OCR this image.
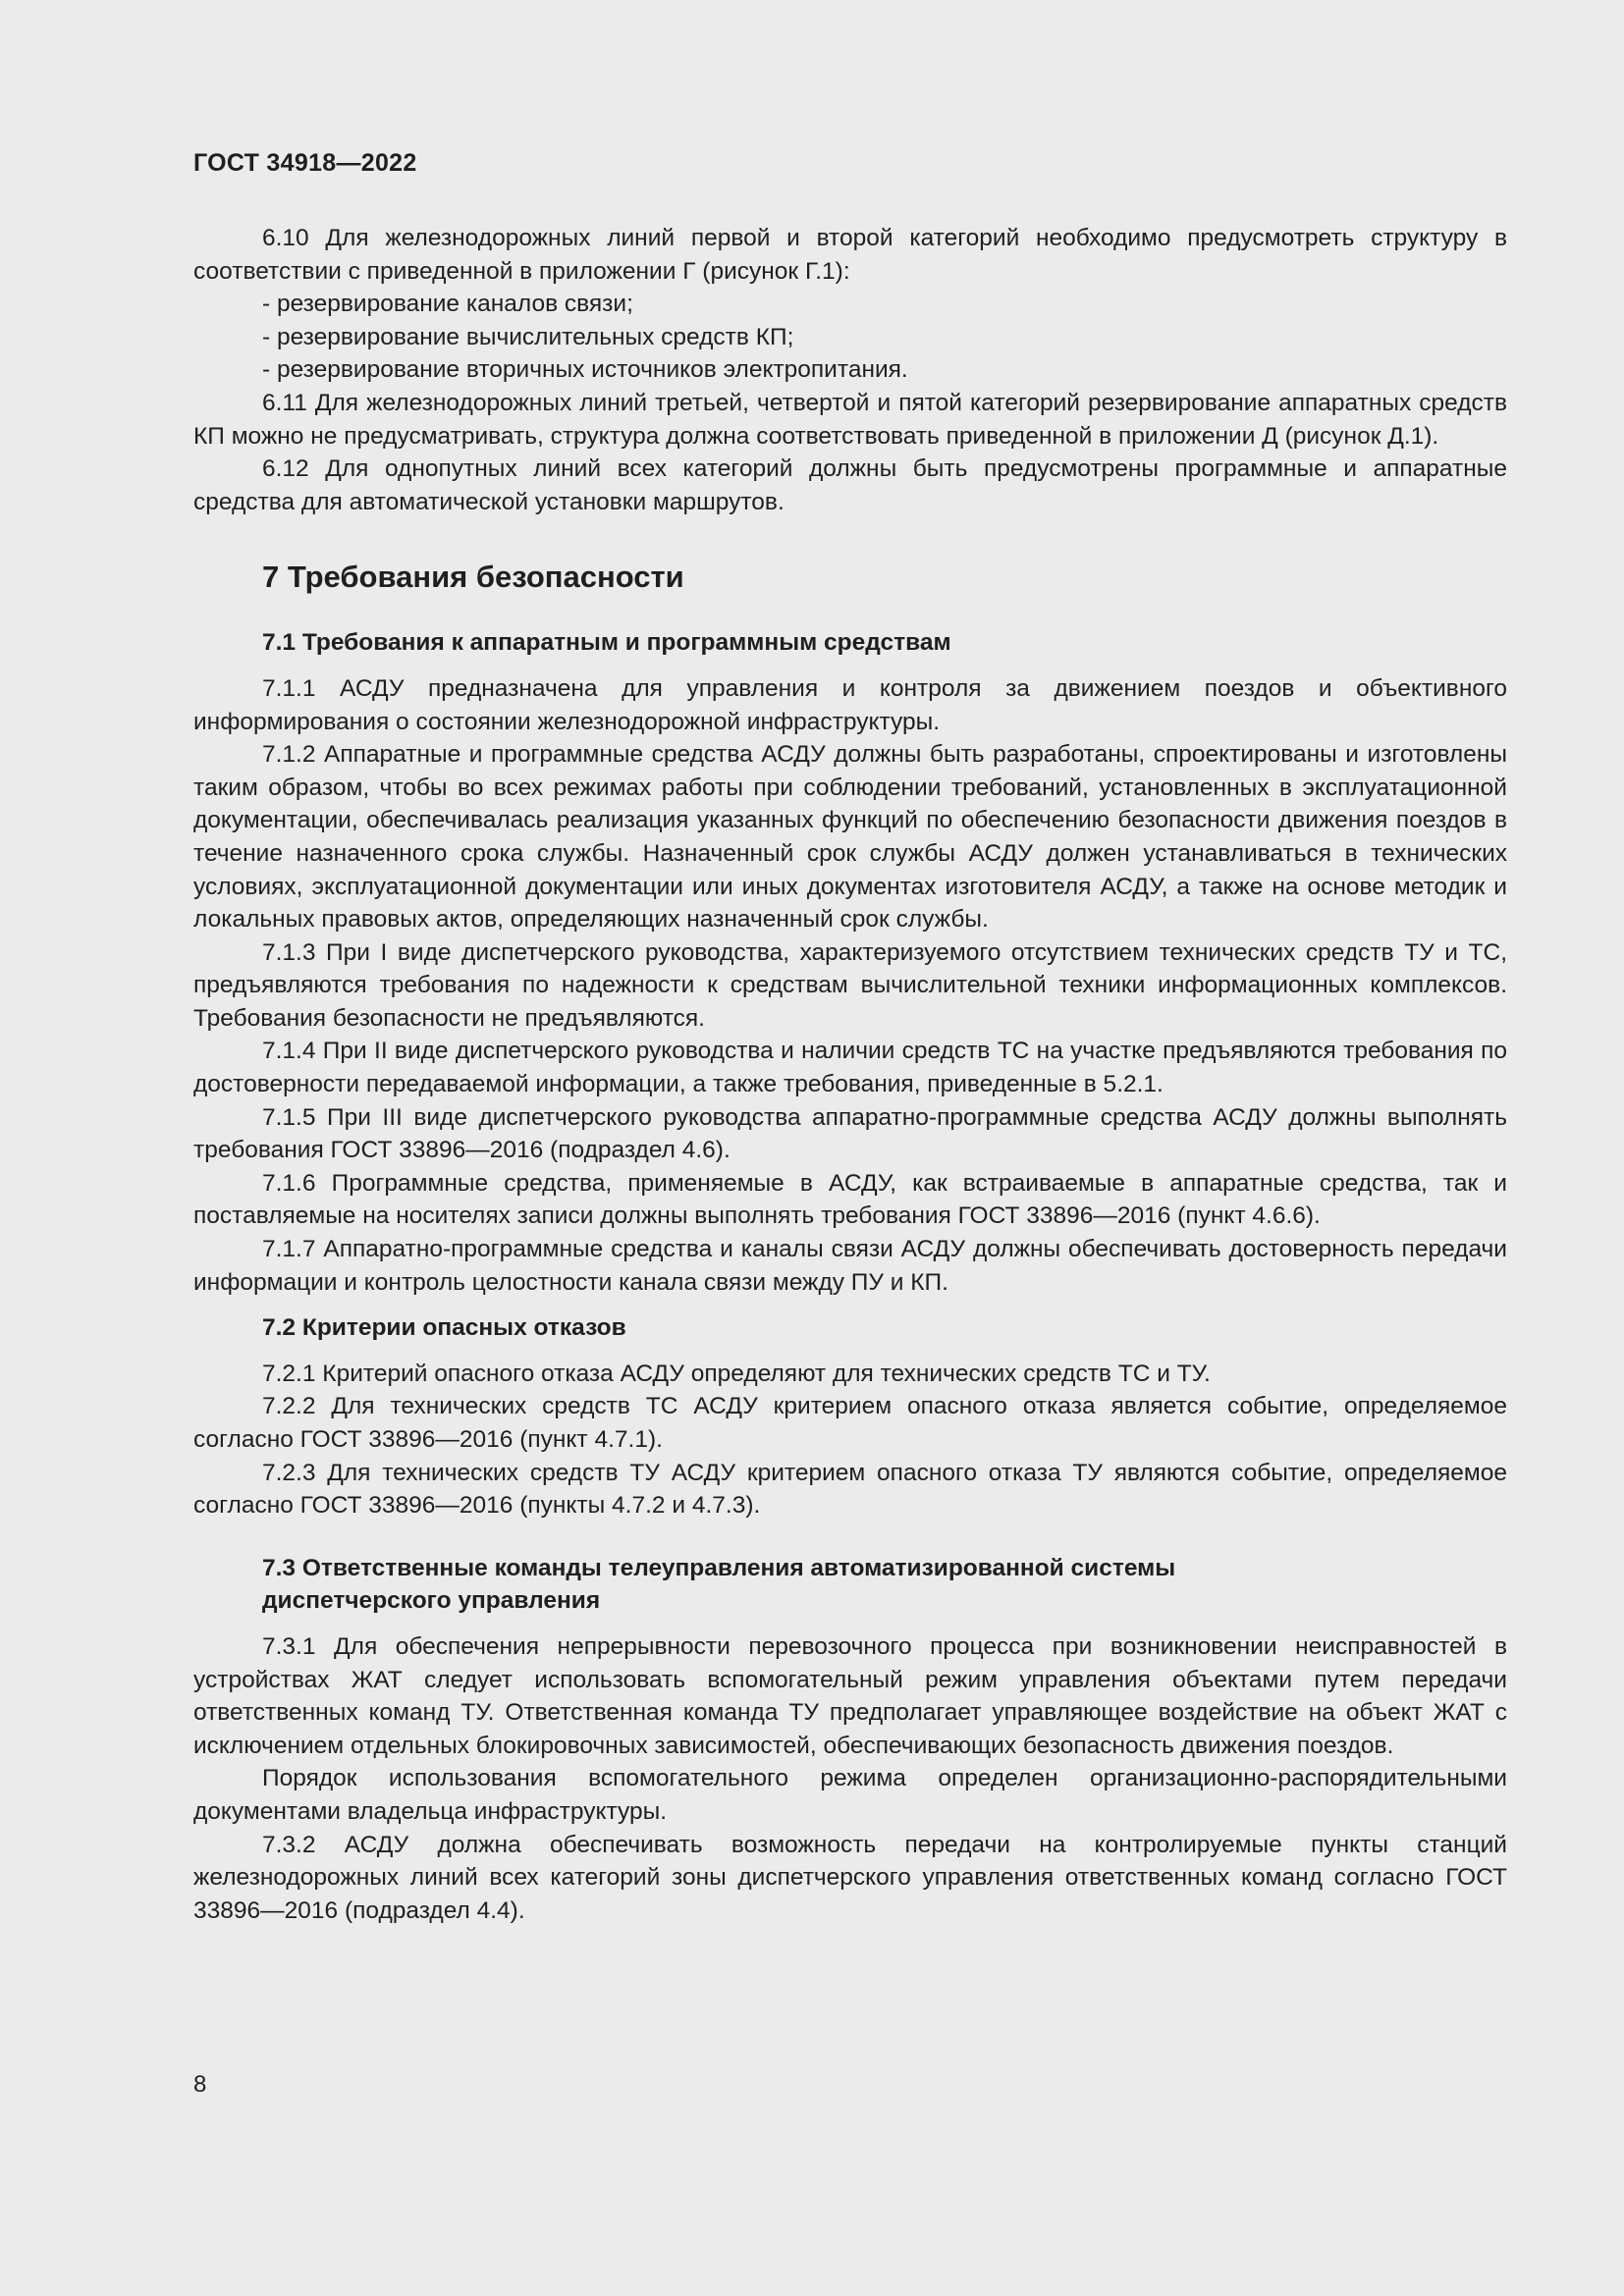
ГОСТ 34918—2022

6.10 Для железнодорожных линий первой и второй категорий необходимо предусмотреть структуру в соответствии с приведенной в приложении Г (рисунок Г.1):

- резервирование каналов связи;

- резервирование вычислительных средств КП;

- резервирование вторичных источников электропитания.

6.11 Для железнодорожных линий третьей, четвертой и пятой категорий резервирование аппаратных средств КП можно не предусматривать, структура должна соответствовать приведенной в приложении Д (рисунок Д.1).

6.12 Для однопутных линий всех категорий должны быть предусмотрены программные и аппаратные средства для автоматической установки маршрутов.

7 Требования безопасности
7.1 Требования к аппаратным и программным средствам

7.1.1 АСДУ предназначена для управления и контроля за движением поездов и объективного информирования о состоянии железнодорожной инфраструктуры.

7.1.2 Аппаратные и программные средства АСДУ должны быть разработаны, спроектированы и изготовлены таким образом, чтобы во всех режимах работы при соблюдении требований, установленных в эксплуатационной документации, обеспечивалась реализация указанных функций по обеспечению безопасности движения поездов в течение назначенного срока службы. Назначенный срок службы АСДУ должен устанавливаться в технических условиях, эксплуатационной документации или иных документах изготовителя АСДУ, а также на основе методик и локальных правовых актов, определяющих назначенный срок службы.

7.1.3 При I виде диспетчерского руководства, характеризуемого отсутствием технических средств ТУ и ТС, предъявляются требования по надежности к средствам вычислительной техники информационных комплексов. Требования безопасности не предъявляются.

7.1.4 При II виде диспетчерского руководства и наличии средств ТС на участке предъявляются требования по достоверности передаваемой информации, а также требования, приведенные в 5.2.1.

7.1.5 При III виде диспетчерского руководства аппаратно-программные средства АСДУ должны выполнять требования ГОСТ 33896—2016 (подраздел 4.6).

7.1.6 Программные средства, применяемые в АСДУ, как встраиваемые в аппаратные средства, так и поставляемые на носителях записи должны выполнять требования ГОСТ 33896—2016 (пункт 4.6.6).

7.1.7 Аппаратно-программные средства и каналы связи АСДУ должны обеспечивать достоверность передачи информации и контроль целостности канала связи между ПУ и КП.

7.2 Критерии опасных отказов

7.2.1 Критерий опасного отказа АСДУ определяют для технических средств ТС и ТУ.

7.2.2 Для технических средств ТС АСДУ критерием опасного отказа является событие, определяемое согласно ГОСТ 33896—2016 (пункт 4.7.1).

7.2.3 Для технических средств ТУ АСДУ критерием опасного отказа ТУ являются событие, определяемое согласно ГОСТ 33896—2016 (пункты 4.7.2 и 4.7.3).

7.3 Ответственные команды телеуправления автоматизированной системы
диспетчерского управления

7.3.1 Для обеспечения непрерывности перевозочного процесса при возникновении неисправностей в устройствах ЖАТ следует использовать вспомогательный режим управления объектами путем передачи ответственных команд ТУ. Ответственная команда ТУ предполагает управляющее воздействие на объект ЖАТ с исключением отдельных блокировочных зависимостей, обеспечивающих безопасность движения поездов.

Порядок использования вспомогательного режима определен организационно-распорядительными документами владельца инфраструктуры.

7.3.2 АСДУ должна обеспечивать возможность передачи на контролируемые пункты станций железнодорожных линий всех категорий зоны диспетчерского управления ответственных команд согласно ГОСТ 33896—2016 (подраздел 4.4).

8
